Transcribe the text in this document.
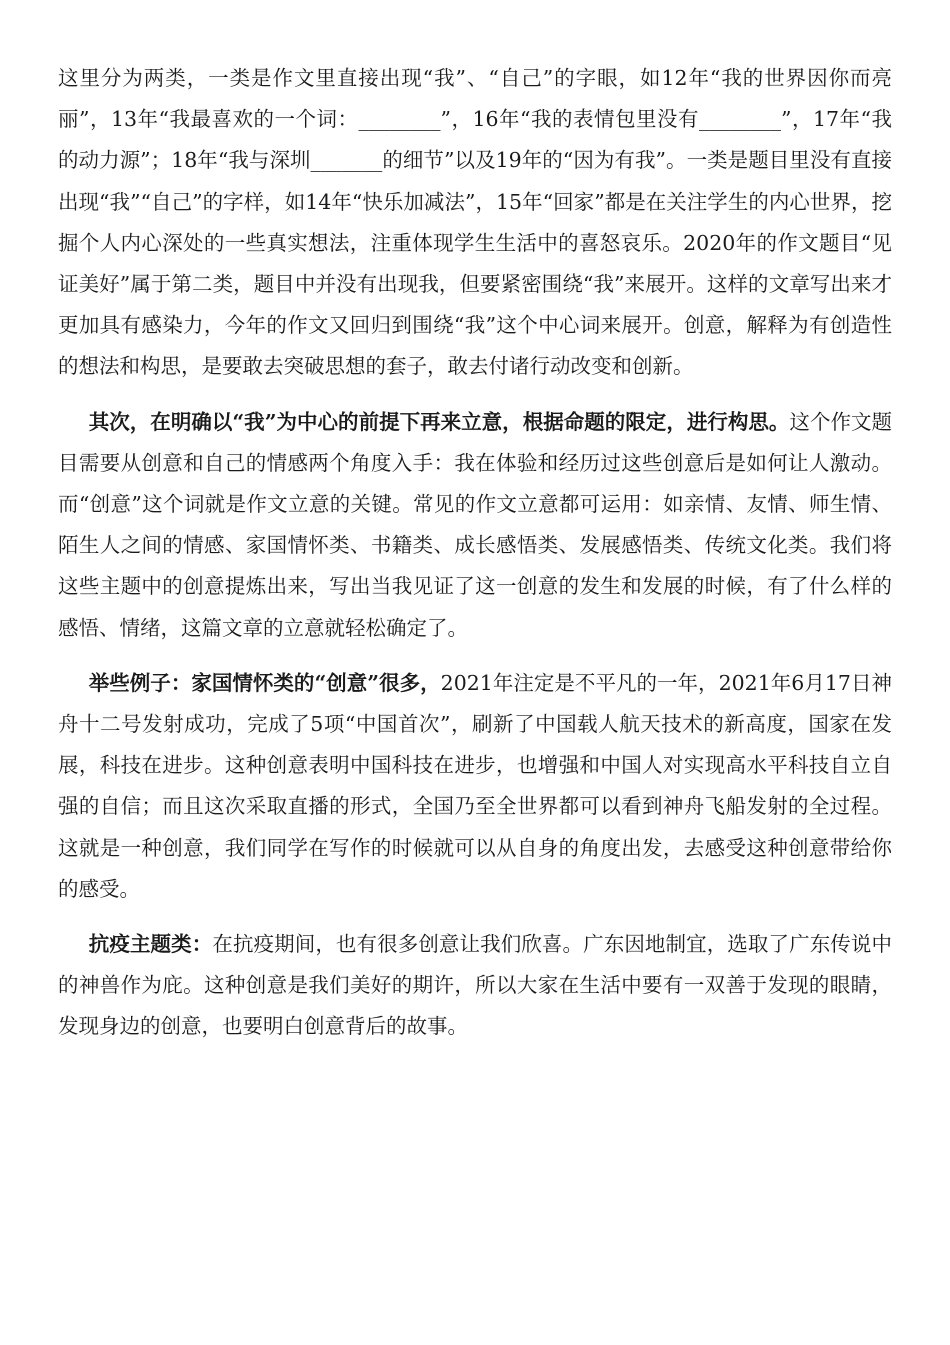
这里分为两类，一类是作文里直接出现“我”、“自己”的字眼，如12年“我的世界因你而亮丽”，13年“我最喜欢的一个词：________”，16年“我的表情包里没有________”，17年“我的动力源”；18年“我与深圳_______的细节”以及19年的“因为有我”。一类是题目里没有直接出现“我”“自己”的字样，如14年“快乐加减法”，15年“回家”都是在关注学生的内心世界，挖掘个人内心深处的一些真实想法，注重体现学生生活中的喜怒哀乐。2020年的作文题目“见证美好”属于第二类，题目中并没有出现我，但要紧密围绕“我”来展开。这样的文章写出来才更加具有感染力，今年的作文又回归到围绕“我”这个中心词来展开。创意，解释为有创造性的想法和构思，是要敢去突破思想的套子，敢去付诸行动改变和创新。

其次，在明确以“我”为中心的前提下再来立意，根据命题的限定，进行构思。这个作文题目需要从创意和自己的情感两个角度入手：我在体验和经历过这些创意后是如何让人激动。而“创意”这个词就是作文立意的关键。常见的作文立意都可运用：如亲情、友情、师生情、陌生人之间的情感、家国情怀类、书籍类、成长感悟类、发展感悟类、传统文化类。我们将这些主题中的创意提炼出来，写出当我见证了这一创意的发生和发展的时候，有了什么样的感悟、情绪，这篇文章的立意就轻松确定了。

举些例子：家国情怀类的“创意”很多，2021年注定是不平凡的一年，2021年6月17日神舟十二号发射成功，完成了5项“中国首次”，刷新了中国载人航天技术的新高度，国家在发展，科技在进步。这种创意表明中国科技在进步，也增强和中国人对实现高水平科技自立自强的自信；而且这次采取直播的形式，全国乃至全世界都可以看到神舟飞船发射的全过程。这就是一种创意，我们同学在写作的时候就可以从自身的角度出发，去感受这种创意带给你的感受。

抗疫主题类：在抗疫期间，也有很多创意让我们欣喜。广东因地制宜，选取了广东传说中的神兽作为庇。这种创意是我们美好的期许，所以大家在生活中要有一双善于发现的眼睛，发现身边的创意，也要明白创意背后的故事。
